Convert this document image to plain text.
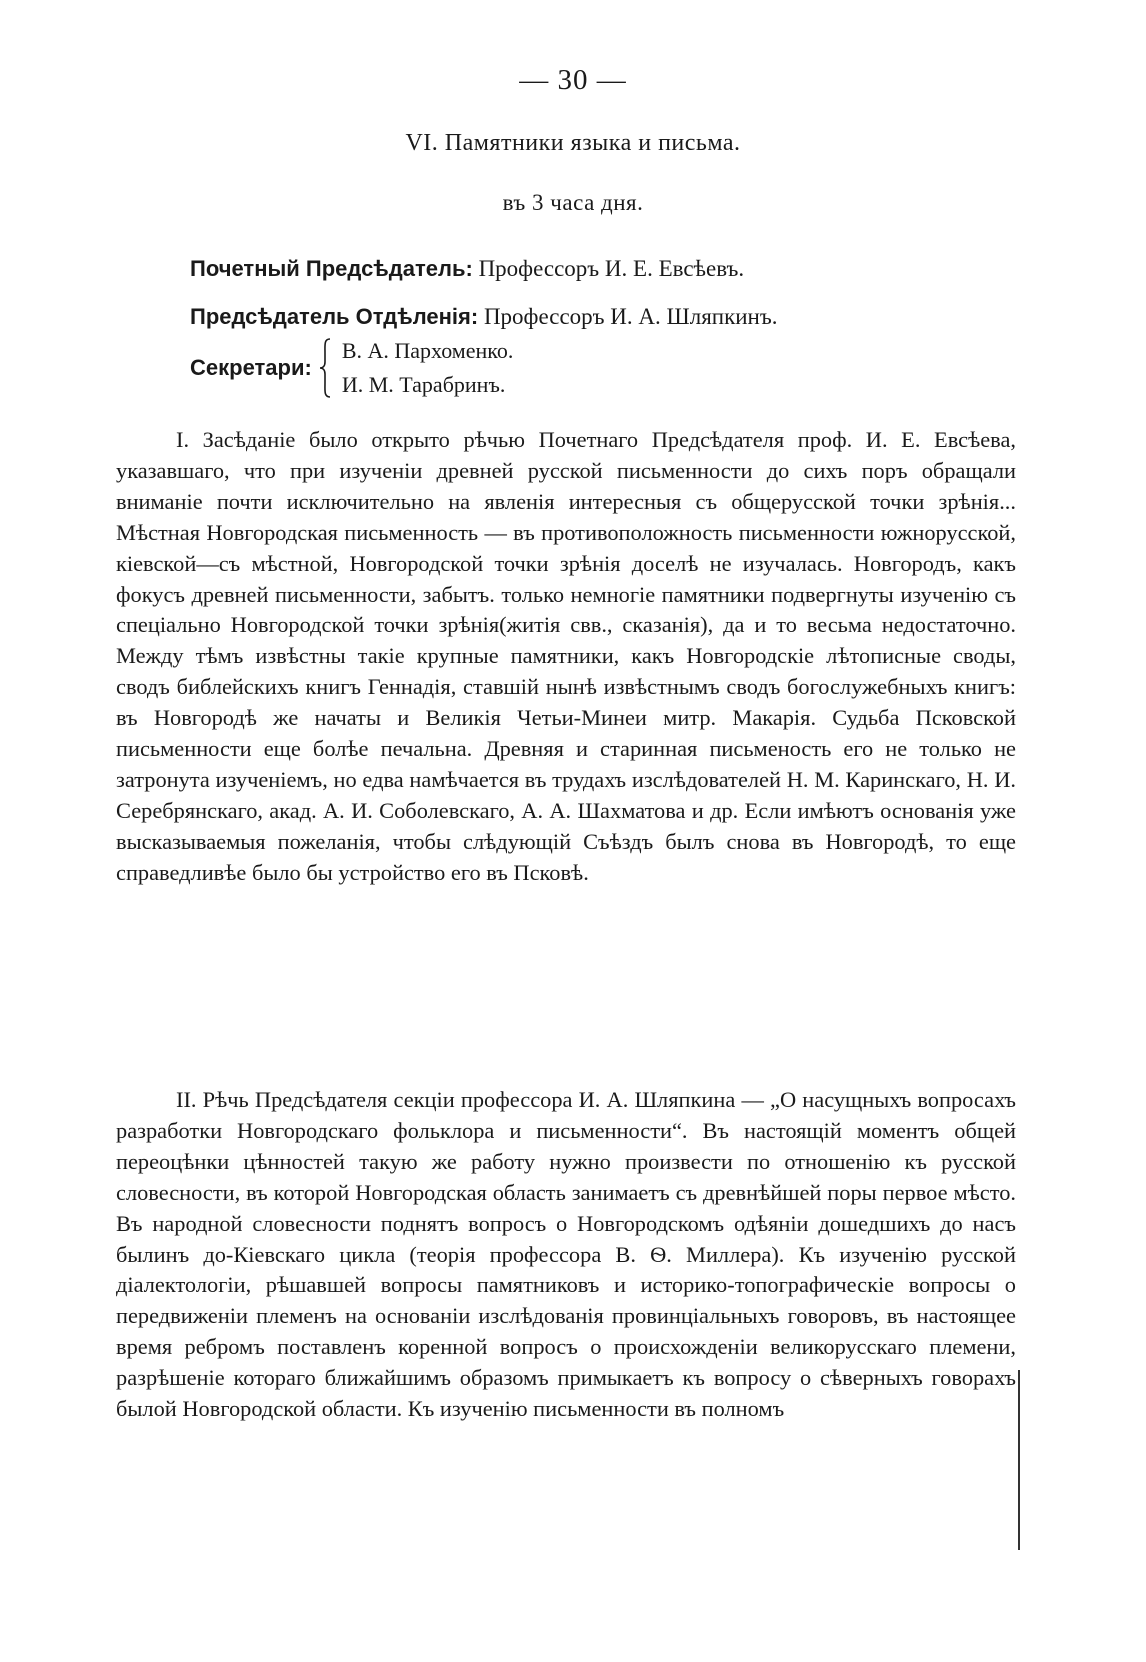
— 30 —
VI. Памятники языка и письма.
въ 3 часа дня.
Почетный Предсѣдатель: Профессоръ И. Е. Евсѣевъ.
Предсѣдатель Отдѣленія: Профессоръ И. А. Шляпкинъ.
Секретари:
В. А. Пархоменко.
И. М. Тарабринъ.

I. Засѣданіе было открыто рѣчью Почетнаго Предсѣдателя проф. И. Е. Евсѣева, указавшаго, что при изученіи древней русской письменности до сихъ поръ обращали вниманіе почти исключительно на явленія интересныя съ общерусской точки зрѣнія... Мѣстная Новгородская письменность — въ противоположность письменности южнорусской, кіевской—съ мѣстной, Новгородской точки зрѣнія доселѣ не изучалась. Новгородъ, какъ фокусъ древней письменности, забытъ. только немногіе памятники подвергнуты изученію съ спеціально Новгородской точки зрѣнія(житія свв., сказанія), да и то весьма недостаточно. Между тѣмъ извѣстны такіе крупные памятники, какъ Новгородскіе лѣтописные своды, сводъ библейскихъ книгъ Геннадія, ставшій нынѣ извѣстнымъ сводъ богослужебныхъ книгъ: въ Новгородѣ же начаты и Великія Четьи-Минеи митр. Макарія. Судьба Псковской письменности еще болѣе печальна. Древняя и старинная письменость его не только не затронута изученіемъ, но едва намѣчается въ трудахъ изслѣдователей Н. М. Каринскаго, Н. И. Серебрянскаго, акад. А. И. Соболевскаго, А. А. Шахматова и др. Если имѣютъ основанія уже высказываемыя пожеланія, чтобы слѣдующій Съѣздъ былъ снова въ Новгородѣ, то еще справедливѣе было бы устройство его въ Псковѣ.

II. Рѣчь Предсѣдателя секціи профессора И. А. Шляпкина — „О насущныхъ вопросахъ разработки Новгородскаго фольклора и письменности“. Въ настоящій моментъ общей переоцѣнки цѣнностей такую же работу нужно произвести по отношенію къ русской словесности, въ которой Новгородская область занимаетъ съ древнѣйшей поры первое мѣсто. Въ народной словесности поднятъ вопросъ о Новгородскомъ одѣяніи дошедшихъ до насъ былинъ до-Кіевскаго цикла (теорія профессора В. Ѳ. Миллера). Къ изученію русской діалектологіи, рѣшавшей вопросы памятниковъ и историко-топографическіе вопросы о передвиженіи племенъ на основаніи изслѣдованія провинціальныхъ говоровъ, въ настоящее время ребромъ поставленъ коренной вопросъ о происхожденіи великорусскаго племени, разрѣшеніе котораго ближайшимъ образомъ примыкаетъ къ вопросу о сѣверныхъ говорахъ былой Новгородской области. Къ изученію письменности въ полномъ
